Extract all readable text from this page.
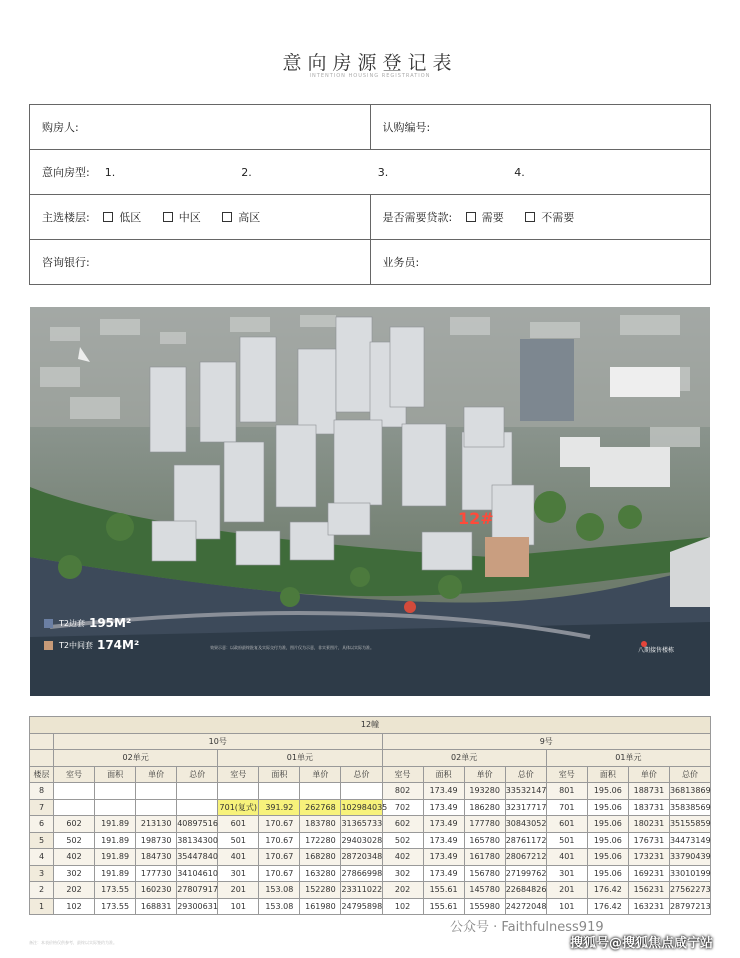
意向房源登记表
INTENTION HOUSING REGISTRATION
购房人:	认购编号:
意向房型: 1. 2. 3. 4.	
主选楼层: 低区 中区 高区	是否需要贷款: 需要 不需要
咨询银行:	业务员:
12#
T2边套 195M²
T2中间套 174M²	效果示意：以政府最终批复及实际交付为准，图片仅为示意，非实景图片，具体以实际为准。	八期接售楼栋
12幢																
	10号								9号							
	02单元				01单元				02单元				01单元			
楼层	室号	面积	单价	总价	室号	面积	单价	总价	室号	面积	单价	总价	室号	面积	单价	总价
8									802	173.49	193280	33532147	801	195.06	188731	36813869
7					701(复式)	391.92	262768	102984035	702	173.49	186280	32317717	701	195.06	183731	35838569
6	602	191.89	213130	40897516	601	170.67	183780	31365733	602	173.49	177780	30843052	601	195.06	180231	35155859
5	502	191.89	198730	38134300	501	170.67	172280	29403028	502	173.49	165780	28761172	501	195.06	176731	34473149
4	402	191.89	184730	35447840	401	170.67	168280	28720348	402	173.49	161780	28067212	401	195.06	173231	33790439
3	302	191.89	177730	34104610	301	170.67	163280	27866998	302	173.49	156780	27199762	301	195.06	169231	33010199
2	202	173.55	160230	27807917	201	153.08	152280	23311022	202	155.61	145780	22684826	201	176.42	156231	27562273
1	102	173.55	168831	29300631	101	153.08	161980	24795898	102	155.61	155980	24272048	101	176.42	163231	28797213
备注：本表价格仅供参考，最终以实际签约为准。
公众号 · Faithfulness919
搜狐号@搜狐焦点咸宁站
